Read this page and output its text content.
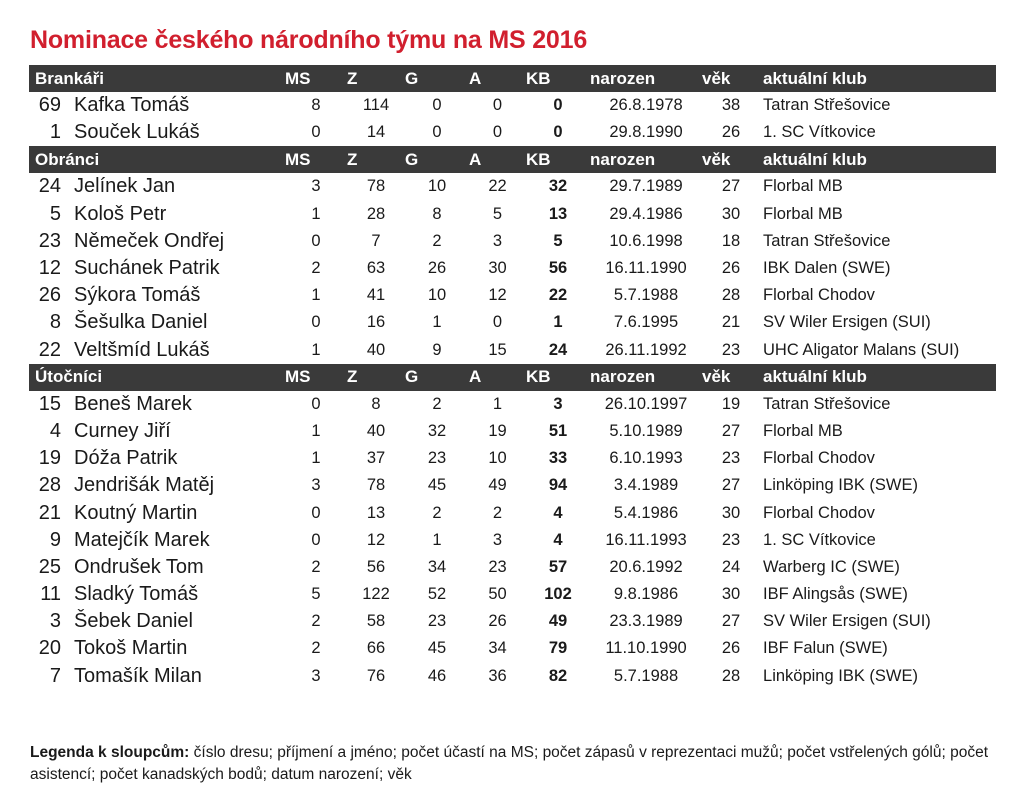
Nominace českého národního týmu na MS 2016
Brankáři		MS	Z	G	A	KB	narozen	věk	aktuální klub
69	Kafka Tomáš	8	114	0	0	0	26.8.1978	38	Tatran Střešovice
1	Souček Lukáš	0	14	0	0	0	29.8.1990	26	1. SC Vítkovice
Obránci		MS	Z	G	A	KB	narozen	věk	aktuální klub
24	Jelínek Jan	3	78	10	22	32	29.7.1989	27	Florbal MB
5	Kološ Petr	1	28	8	5	13	29.4.1986	30	Florbal MB
23	Němeček Ondřej	0	7	2	3	5	10.6.1998	18	Tatran Střešovice
12	Suchánek Patrik	2	63	26	30	56	16.11.1990	26	IBK Dalen (SWE)
26	Sýkora Tomáš	1	41	10	12	22	5.7.1988	28	Florbal Chodov
8	Šešulka Daniel	0	16	1	0	1	7.6.1995	21	SV Wiler Ersigen (SUI)
22	Veltšmíd Lukáš	1	40	9	15	24	26.11.1992	23	UHC Aligator Malans (SUI)
Útočníci		MS	Z	G	A	KB	narozen	věk	aktuální klub
15	Beneš Marek	0	8	2	1	3	26.10.1997	19	Tatran Střešovice
4	Curney Jiří	1	40	32	19	51	5.10.1989	27	Florbal MB
19	Dóža Patrik	1	37	23	10	33	6.10.1993	23	Florbal Chodov
28	Jendrišák Matěj	3	78	45	49	94	3.4.1989	27	Linköping IBK (SWE)
21	Koutný Martin	0	13	2	2	4	5.4.1986	30	Florbal Chodov
9	Matejčík Marek	0	12	1	3	4	16.11.1993	23	1. SC Vítkovice
25	Ondrušek Tom	2	56	34	23	57	20.6.1992	24	Warberg IC (SWE)
11	Sladký Tomáš	5	122	52	50	102	9.8.1986	30	IBF Alingsås (SWE)
3	Šebek Daniel	2	58	23	26	49	23.3.1989	27	SV Wiler Ersigen (SUI)
20	Tokoš Martin	2	66	45	34	79	11.10.1990	26	IBF Falun (SWE)
7	Tomašík Milan	3	76	46	36	82	5.7.1988	28	Linköping IBK (SWE)

Legenda k sloupcům: číslo dresu; příjmení a jméno; počet účastí na MS; počet zápasů v reprezentaci mužů; počet vstřelených gólů; počet asistencí; počet kanadských bodů; datum narození; věk
